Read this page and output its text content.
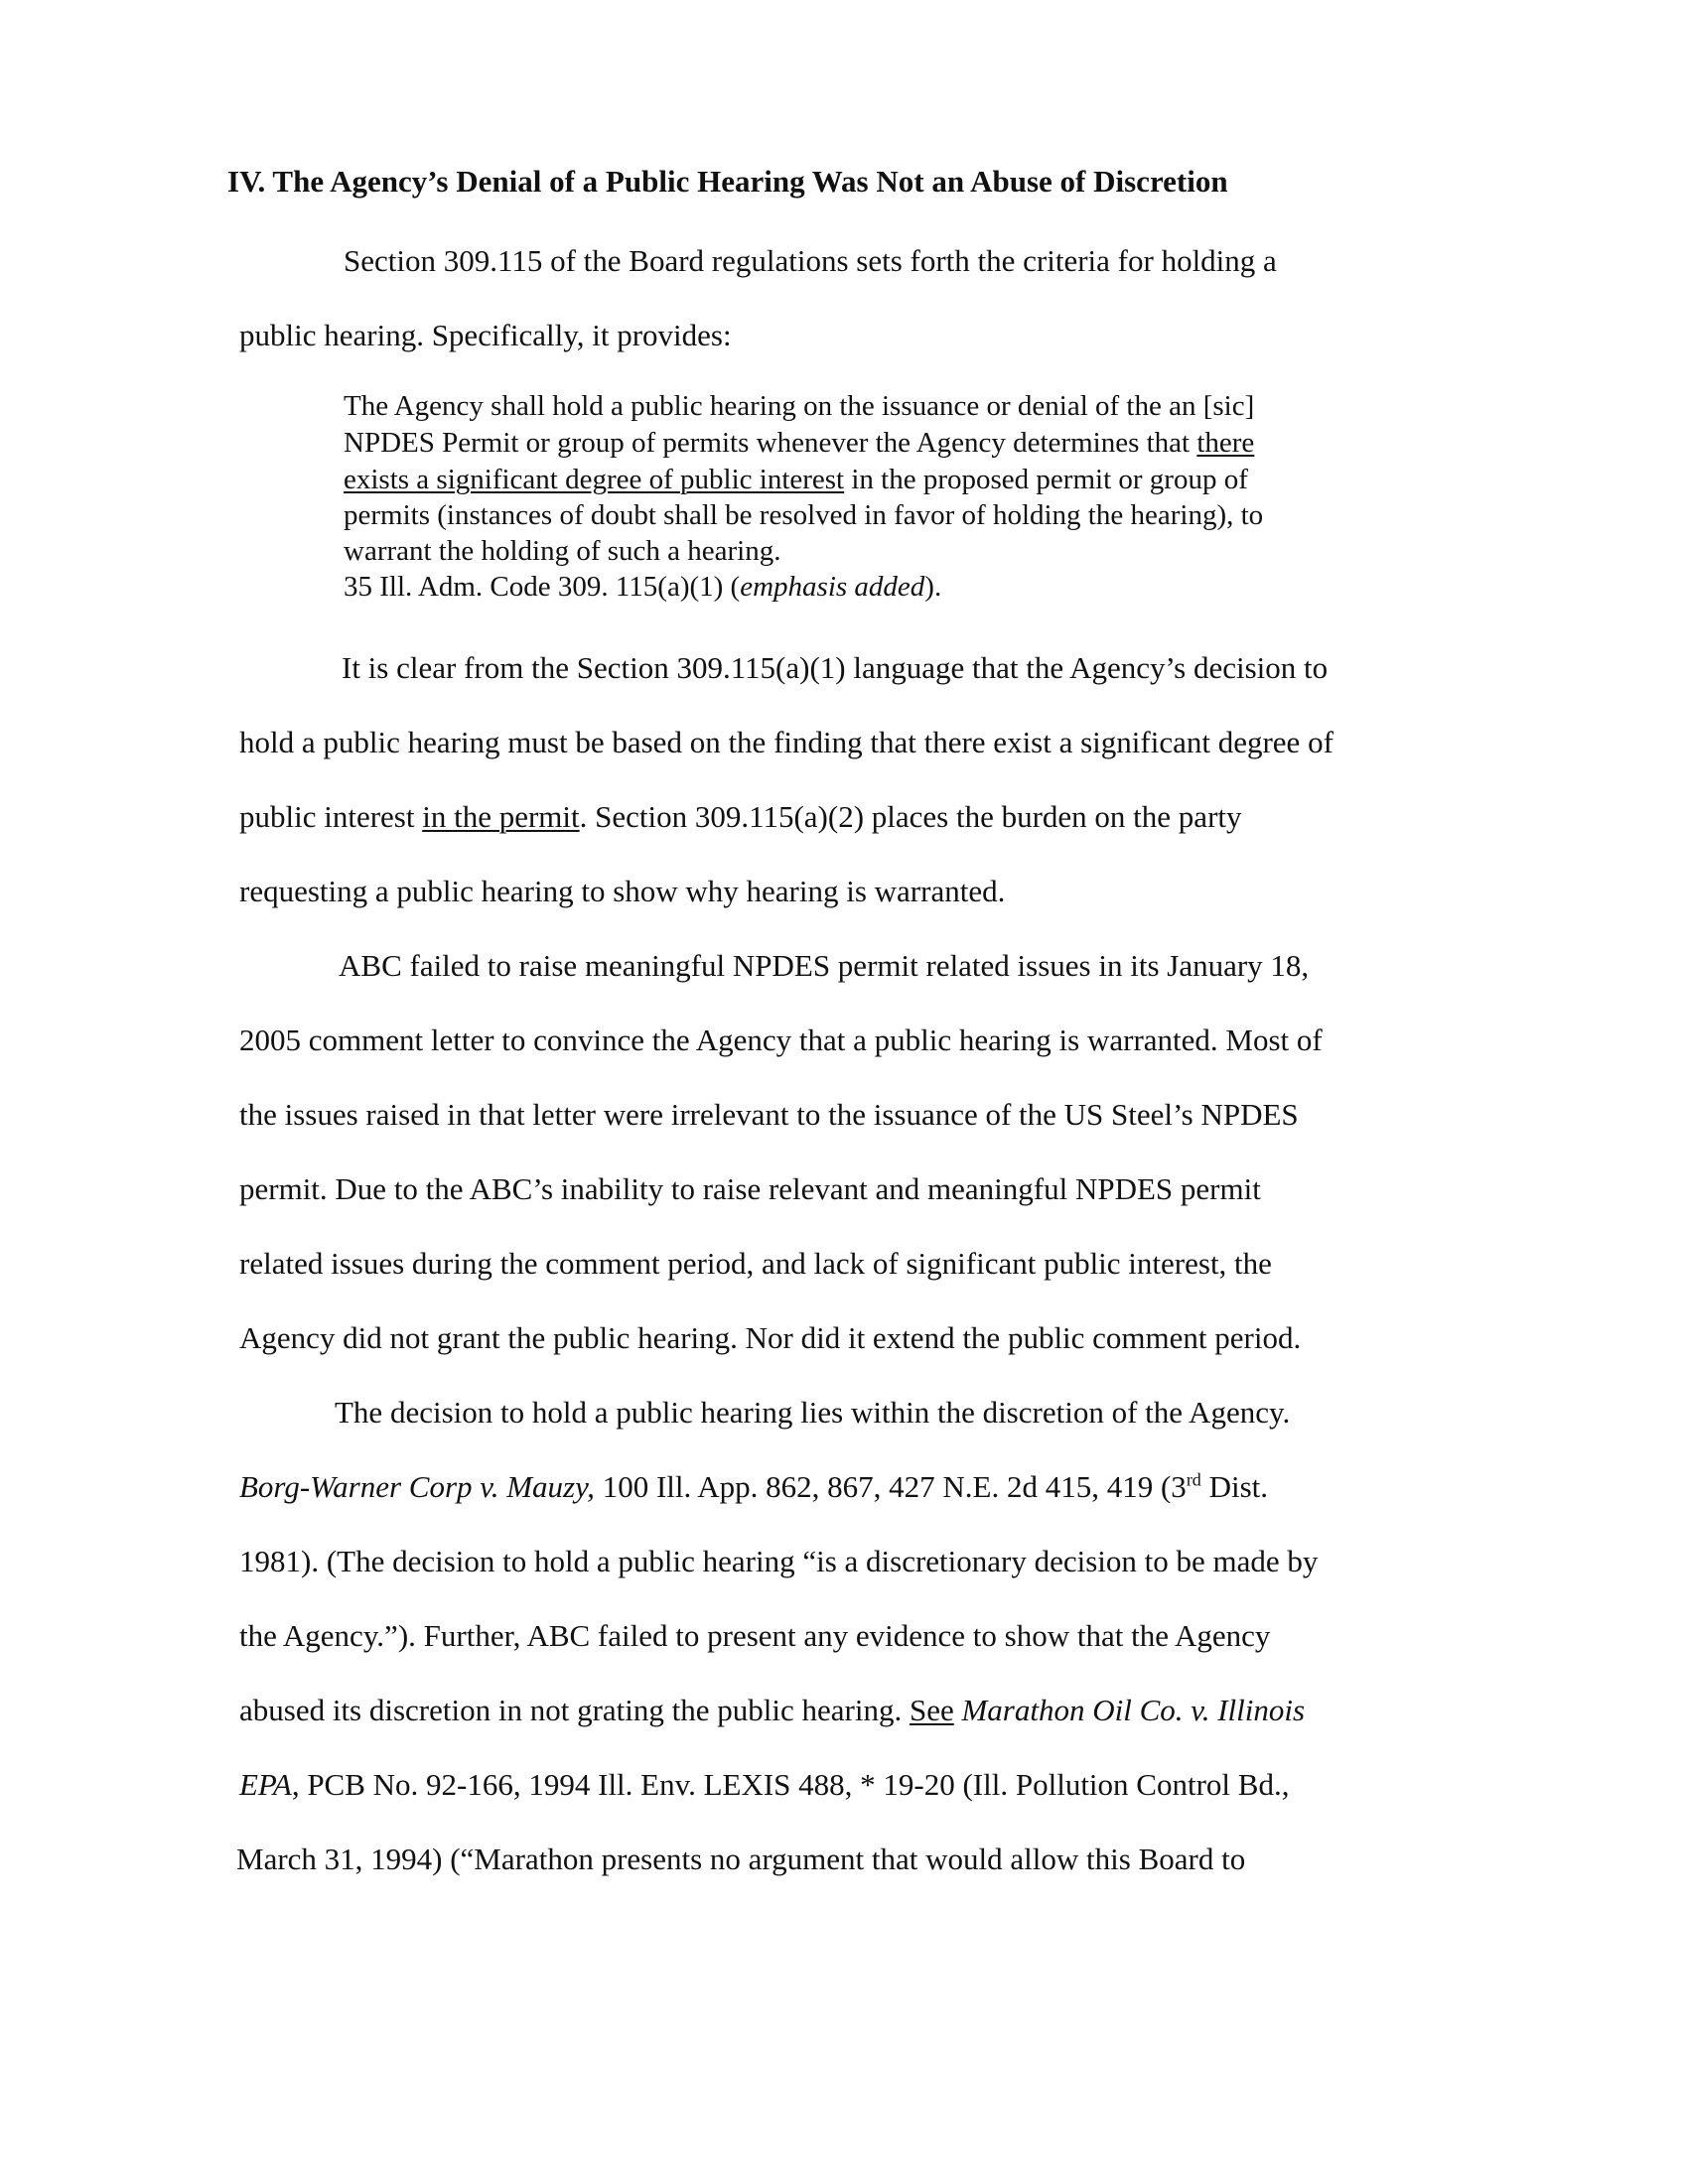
IV. The Agency’s Denial of a Public Hearing Was Not an Abuse of Discretion

Section 309.115 of the Board regulations sets forth the criteria for holding a

public hearing. Specifically, it provides:

The Agency shall hold a public hearing on the issuance or denial of the an [sic]

NPDES Permit or group of permits whenever the Agency determines that there

exists a significant degree of public interest in the proposed permit or group of

permits (instances of doubt shall be resolved in favor of holding the hearing), to

warrant the holding of such a hearing.

35 Ill. Adm. Code 309. 115(a)(1) (emphasis added).

It is clear from the Section 309.115(a)(1) language that the Agency’s decision to

hold a public hearing must be based on the finding that there exist a significant degree of

public interest in the permit. Section 309.115(a)(2) places the burden on the party

requesting a public hearing to show why hearing is warranted.

ABC failed to raise meaningful NPDES permit related issues in its January 18,

2005 comment letter to convince the Agency that a public hearing is warranted. Most of

the issues raised in that letter were irrelevant to the issuance of the US Steel’s NPDES

permit. Due to the ABC’s inability to raise relevant and meaningful NPDES permit

related issues during the comment period, and lack of significant public interest, the

Agency did not grant the public hearing. Nor did it extend the public comment period.

The decision to hold a public hearing lies within the discretion of the Agency.

Borg-Warner Corp v. Mauzy, 100 Ill. App. 862, 867, 427 N.E. 2d 415, 419 (3rd Dist.

1981). (The decision to hold a public hearing “is a discretionary decision to be made by

the Agency.”). Further, ABC failed to present any evidence to show that the Agency

abused its discretion in not grating the public hearing. See Marathon Oil Co. v. Illinois

EPA, PCB No. 92-166, 1994 Ill. Env. LEXIS 488, * 19-20 (Ill. Pollution Control Bd.,

March 31, 1994) (“Marathon presents no argument that would allow this Board to
